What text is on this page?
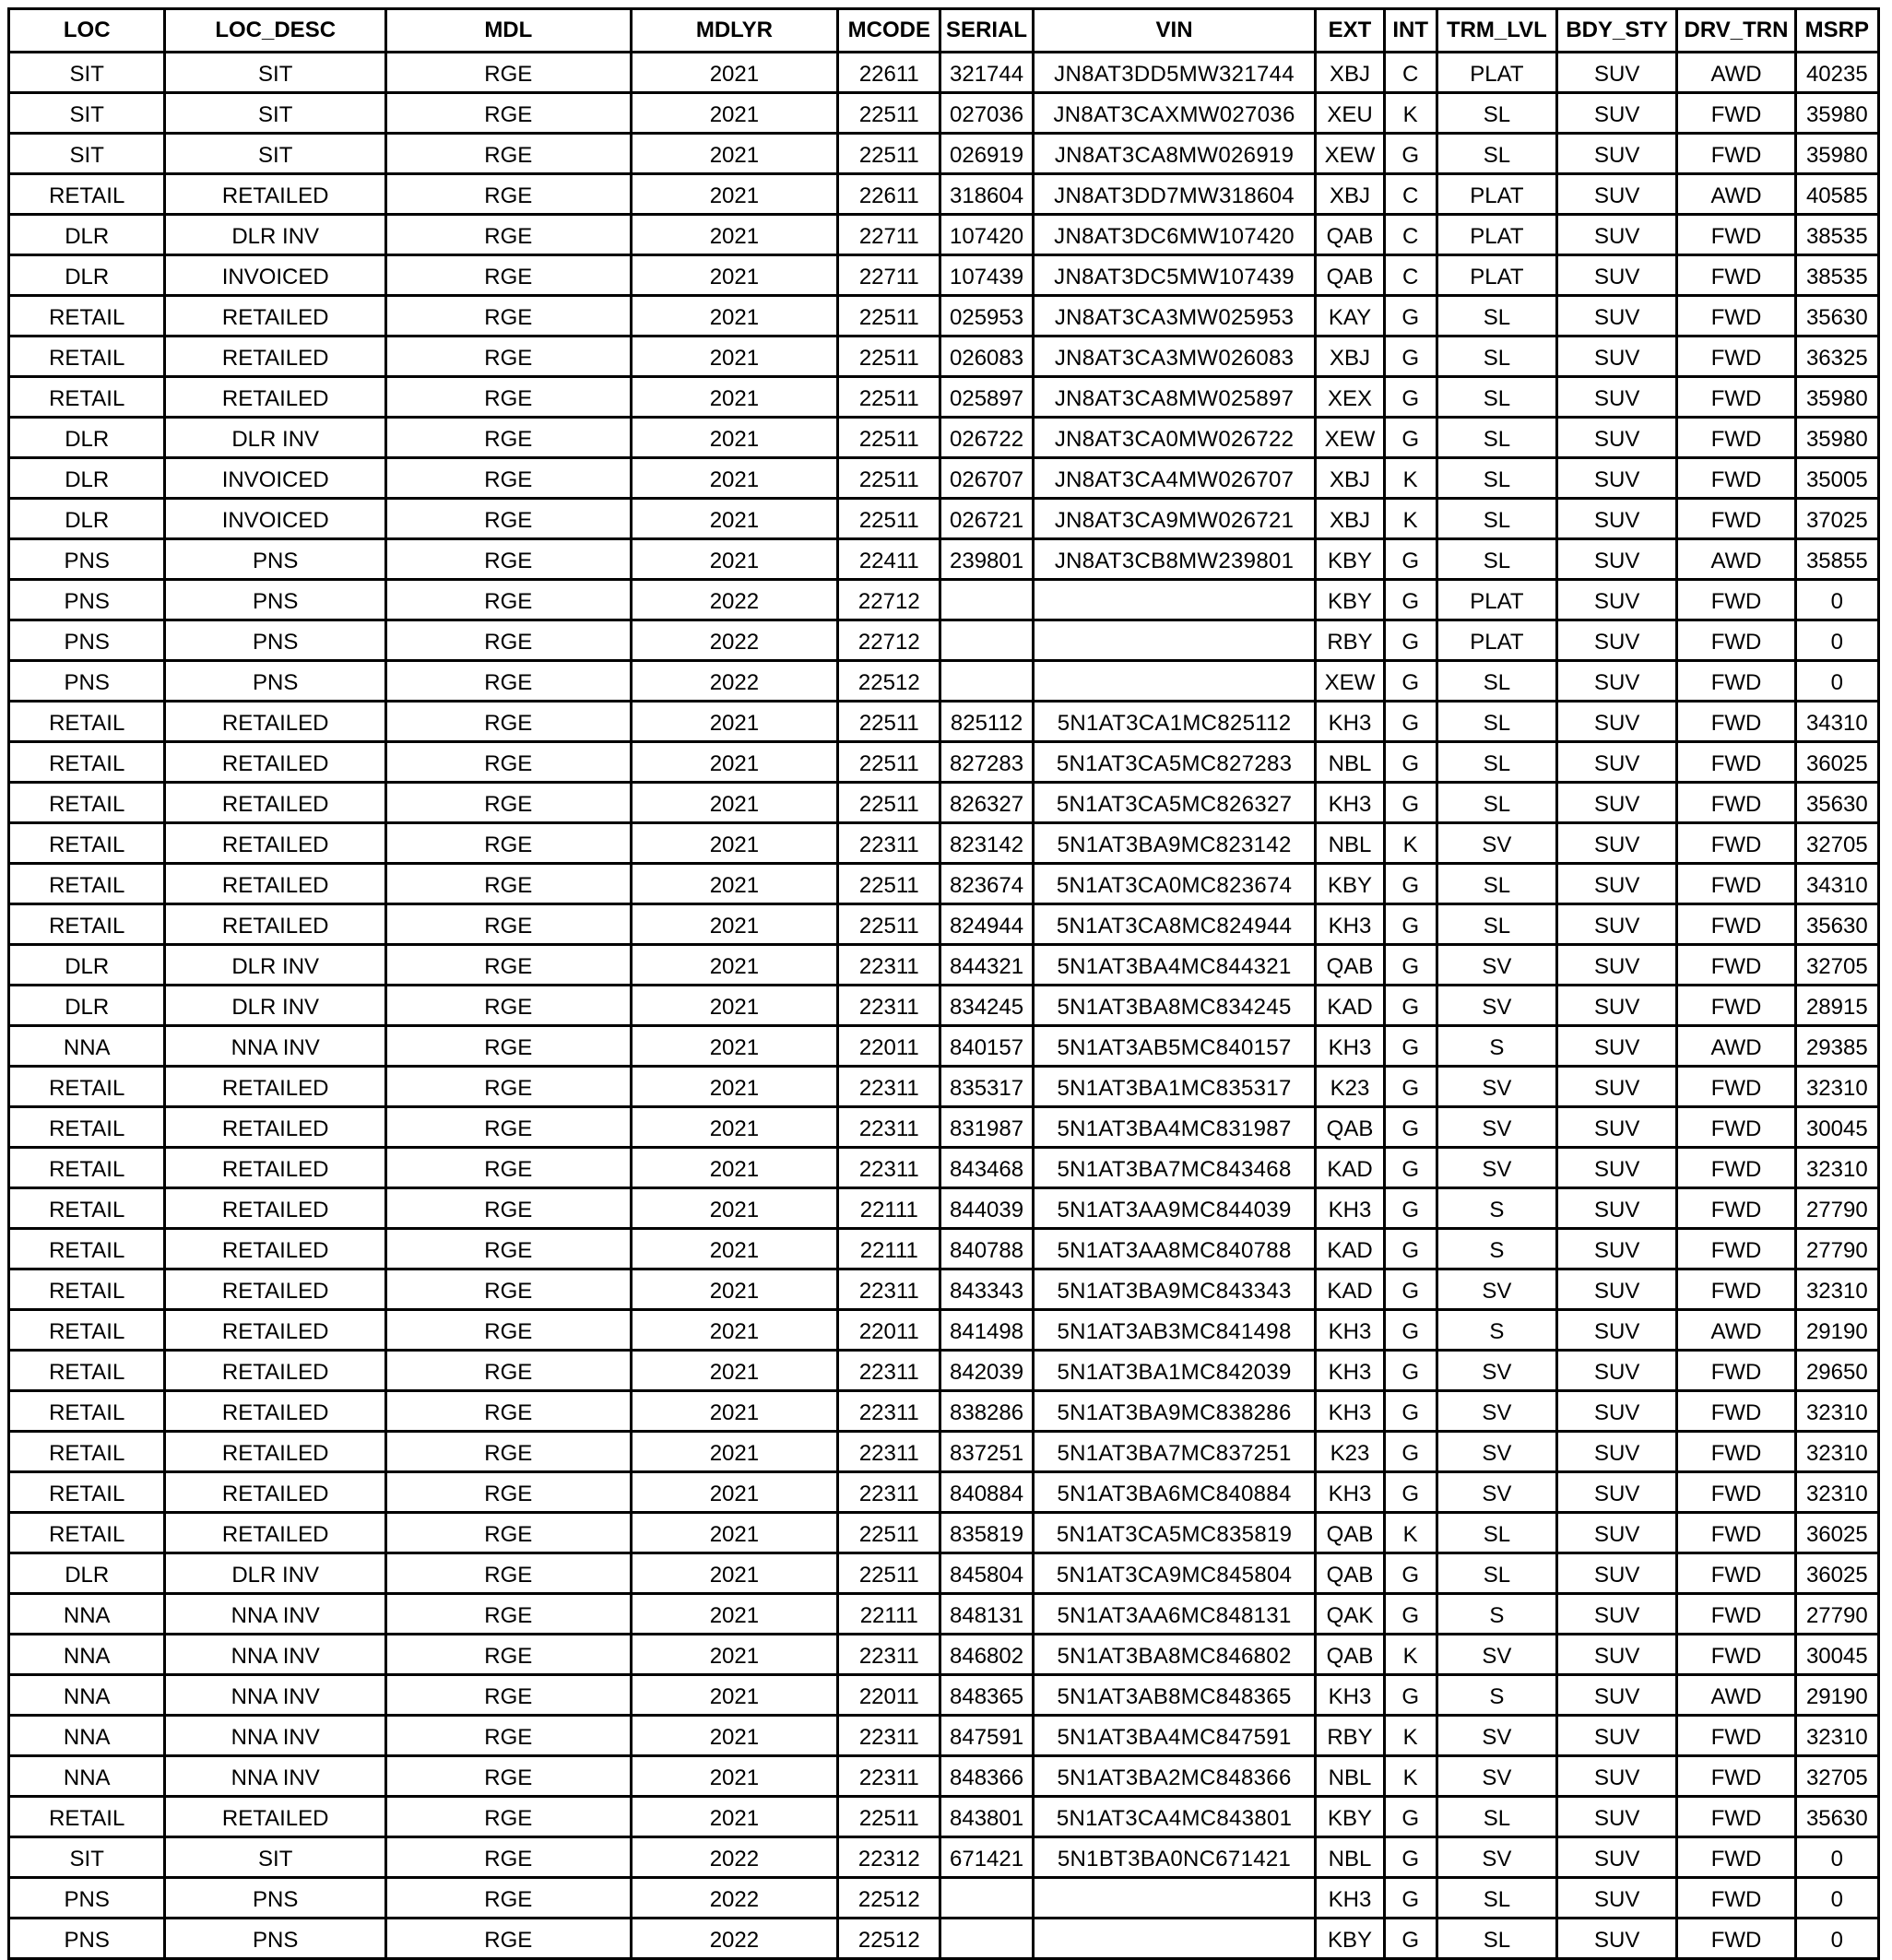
LOC	LOC_DESC	MDL	MDLYR	MCODE	SERIAL	VIN	EXT	INT	TRM_LVL	BDY_STY	DRV_TRN	MSRP
SIT	SIT	RGE	2021	22611	321744	JN8AT3DD5MW321744	XBJ	C	PLAT	SUV	AWD	40235
SIT	SIT	RGE	2021	22511	027036	JN8AT3CAXMW027036	XEU	K	SL	SUV	FWD	35980
SIT	SIT	RGE	2021	22511	026919	JN8AT3CA8MW026919	XEW	G	SL	SUV	FWD	35980
RETAIL	RETAILED	RGE	2021	22611	318604	JN8AT3DD7MW318604	XBJ	C	PLAT	SUV	AWD	40585
DLR	DLR INV	RGE	2021	22711	107420	JN8AT3DC6MW107420	QAB	C	PLAT	SUV	FWD	38535
DLR	INVOICED	RGE	2021	22711	107439	JN8AT3DC5MW107439	QAB	C	PLAT	SUV	FWD	38535
RETAIL	RETAILED	RGE	2021	22511	025953	JN8AT3CA3MW025953	KAY	G	SL	SUV	FWD	35630
RETAIL	RETAILED	RGE	2021	22511	026083	JN8AT3CA3MW026083	XBJ	G	SL	SUV	FWD	36325
RETAIL	RETAILED	RGE	2021	22511	025897	JN8AT3CA8MW025897	XEX	G	SL	SUV	FWD	35980
DLR	DLR INV	RGE	2021	22511	026722	JN8AT3CA0MW026722	XEW	G	SL	SUV	FWD	35980
DLR	INVOICED	RGE	2021	22511	026707	JN8AT3CA4MW026707	XBJ	K	SL	SUV	FWD	35005
DLR	INVOICED	RGE	2021	22511	026721	JN8AT3CA9MW026721	XBJ	K	SL	SUV	FWD	37025
PNS	PNS	RGE	2021	22411	239801	JN8AT3CB8MW239801	KBY	G	SL	SUV	AWD	35855
PNS	PNS	RGE	2022	22712			KBY	G	PLAT	SUV	FWD	0
PNS	PNS	RGE	2022	22712			RBY	G	PLAT	SUV	FWD	0
PNS	PNS	RGE	2022	22512			XEW	G	SL	SUV	FWD	0
RETAIL	RETAILED	RGE	2021	22511	825112	5N1AT3CA1MC825112	KH3	G	SL	SUV	FWD	34310
RETAIL	RETAILED	RGE	2021	22511	827283	5N1AT3CA5MC827283	NBL	G	SL	SUV	FWD	36025
RETAIL	RETAILED	RGE	2021	22511	826327	5N1AT3CA5MC826327	KH3	G	SL	SUV	FWD	35630
RETAIL	RETAILED	RGE	2021	22311	823142	5N1AT3BA9MC823142	NBL	K	SV	SUV	FWD	32705
RETAIL	RETAILED	RGE	2021	22511	823674	5N1AT3CA0MC823674	KBY	G	SL	SUV	FWD	34310
RETAIL	RETAILED	RGE	2021	22511	824944	5N1AT3CA8MC824944	KH3	G	SL	SUV	FWD	35630
DLR	DLR INV	RGE	2021	22311	844321	5N1AT3BA4MC844321	QAB	G	SV	SUV	FWD	32705
DLR	DLR INV	RGE	2021	22311	834245	5N1AT3BA8MC834245	KAD	G	SV	SUV	FWD	28915
NNA	NNA INV	RGE	2021	22011	840157	5N1AT3AB5MC840157	KH3	G	S	SUV	AWD	29385
RETAIL	RETAILED	RGE	2021	22311	835317	5N1AT3BA1MC835317	K23	G	SV	SUV	FWD	32310
RETAIL	RETAILED	RGE	2021	22311	831987	5N1AT3BA4MC831987	QAB	G	SV	SUV	FWD	30045
RETAIL	RETAILED	RGE	2021	22311	843468	5N1AT3BA7MC843468	KAD	G	SV	SUV	FWD	32310
RETAIL	RETAILED	RGE	2021	22111	844039	5N1AT3AA9MC844039	KH3	G	S	SUV	FWD	27790
RETAIL	RETAILED	RGE	2021	22111	840788	5N1AT3AA8MC840788	KAD	G	S	SUV	FWD	27790
RETAIL	RETAILED	RGE	2021	22311	843343	5N1AT3BA9MC843343	KAD	G	SV	SUV	FWD	32310
RETAIL	RETAILED	RGE	2021	22011	841498	5N1AT3AB3MC841498	KH3	G	S	SUV	AWD	29190
RETAIL	RETAILED	RGE	2021	22311	842039	5N1AT3BA1MC842039	KH3	G	SV	SUV	FWD	29650
RETAIL	RETAILED	RGE	2021	22311	838286	5N1AT3BA9MC838286	KH3	G	SV	SUV	FWD	32310
RETAIL	RETAILED	RGE	2021	22311	837251	5N1AT3BA7MC837251	K23	G	SV	SUV	FWD	32310
RETAIL	RETAILED	RGE	2021	22311	840884	5N1AT3BA6MC840884	KH3	G	SV	SUV	FWD	32310
RETAIL	RETAILED	RGE	2021	22511	835819	5N1AT3CA5MC835819	QAB	K	SL	SUV	FWD	36025
DLR	DLR INV	RGE	2021	22511	845804	5N1AT3CA9MC845804	QAB	G	SL	SUV	FWD	36025
NNA	NNA INV	RGE	2021	22111	848131	5N1AT3AA6MC848131	QAK	G	S	SUV	FWD	27790
NNA	NNA INV	RGE	2021	22311	846802	5N1AT3BA8MC846802	QAB	K	SV	SUV	FWD	30045
NNA	NNA INV	RGE	2021	22011	848365	5N1AT3AB8MC848365	KH3	G	S	SUV	AWD	29190
NNA	NNA INV	RGE	2021	22311	847591	5N1AT3BA4MC847591	RBY	K	SV	SUV	FWD	32310
NNA	NNA INV	RGE	2021	22311	848366	5N1AT3BA2MC848366	NBL	K	SV	SUV	FWD	32705
RETAIL	RETAILED	RGE	2021	22511	843801	5N1AT3CA4MC843801	KBY	G	SL	SUV	FWD	35630
SIT	SIT	RGE	2022	22312	671421	5N1BT3BA0NC671421	NBL	G	SV	SUV	FWD	0
PNS	PNS	RGE	2022	22512			KH3	G	SL	SUV	FWD	0
PNS	PNS	RGE	2022	22512			KBY	G	SL	SUV	FWD	0
